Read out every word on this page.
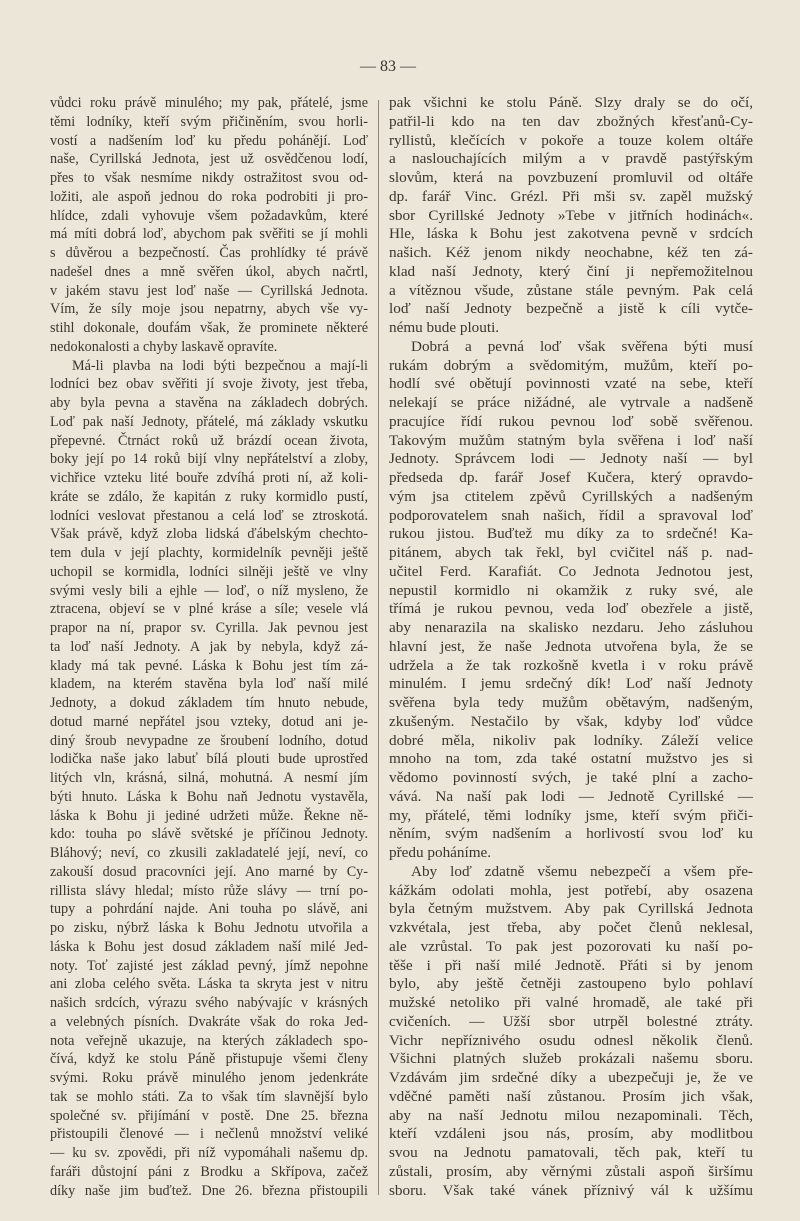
— 83 —
vůdci roku právě minulého; my pak, přátelé, jsme
těmi lodníky, kteří svým přičiněním, svou horli-
vostí a nadšením loď ku předu pohánějí. Loď
naše, Cyrillská Jednota, jest už osvědčenou lodí,
přes to však nesmíme nikdy ostražitost svou od-
ložiti, ale aspoň jednou do roka podrobiti ji pro-
hlídce, zdali vyhovuje všem požadavkům, které
má míti dobrá loď, abychom pak svěřiti se jí mohli
s důvěrou a bezpečností. Čas prohlídky té právě
nadešel dnes a mně svěřen úkol, abych načrtl,
v jakém stavu jest loď naše — Cyrillská Jednota.
Vím, že síly moje jsou nepatrny, abych vše vy-
stihl dokonale, doufám však, že prominete některé
nedokonalosti a chyby laskavě opravíte.
Má-li plavba na lodi býti bezpečnou a mají-li
lodníci bez obav svěřiti jí svoje životy, jest třeba,
aby byla pevna a stavěna na základech dobrých.
Loď pak naší Jednoty, přátelé, má základy vskutku
přepevné. Čtrnáct roků už brázdí ocean života,
boky její po 14 roků bijí vlny nepřátelství a zloby,
vichřice vzteku lité bouře zdvíhá proti ní, až koli-
kráte se zdálo, že kapitán z ruky kormidlo pustí,
lodníci veslovat přestanou a celá loď se ztroskotá.
Však právě, když zloba lidská ďábelským chechto-
tem dula v její plachty, kormidelník pevněji ještě
uchopil se kormidla, lodníci silněji ještě ve vlny
svými vesly bili a ejhle — loď, o níž mysleno, že
ztracena, objeví se v plné kráse a síle; vesele vlá
prapor na ní, prapor sv. Cyrilla. Jak pevnou jest
ta loď naší Jednoty. A jak by nebyla, když zá-
klady má tak pevné. Láska k Bohu jest tím zá-
kladem, na kterém stavěna byla loď naší milé
Jednoty, a dokud základem tím hnuto nebude,
dotud marné nepřátel jsou vzteky, dotud ani je-
diný šroub nevypadne ze šroubení lodního, dotud
lodička naše jako labuť bílá plouti bude uprostřed
litých vln, krásná, silná, mohutná. A nesmí jím
býti hnuto. Láska k Bohu naň Jednotu vystavěla,
láska k Bohu ji jediné udržeti může. Řekne ně-
kdo: touha po slávě světské je příčinou Jednoty.
Bláhový; neví, co zkusili zakladatelé její, neví, co
zakouší dosud pracovníci její. Ano marné by Cy-
rillista slávy hledal; místo růže slávy — trní po-
tupy a pohrdání najde. Ani touha po slávě, ani
po zisku, nýbrž láska k Bohu Jednotu utvořila a
láska k Bohu jest dosud základem naší milé Jed-
noty. Toť zajisté jest základ pevný, jímž nepohne
ani zloba celého světa. Láska ta skryta jest v nitru
našich srdcích, výrazu svého nabývajíc v krásných
a velebných písních. Dvakráte však do roka Jed-
nota veřejně ukazuje, na kterých základech spo-
čívá, když ke stolu Páně přistupuje všemi členy
svými. Roku právě minulého jenom jedenkráte
tak se mohlo státi. Za to však tím slavnější bylo
společné sv. přijímání v postě. Dne 25. března
přistoupili členové — i nečlenů množství veliké
— ku sv. zpovědi, při níž vypomáhali našemu dp.
faráři důstojní páni z Brodku a Skřípova, začež
díky naše jim buďtež. Dne 26. března přistoupili
pak všichni ke stolu Páně. Slzy draly se do očí,
patřil-li kdo na ten dav zbožných křesťanů-Cy-
ryllistů, klečících v pokoře a touze kolem oltáře
a naslouchajících milým a v pravdě pastýřským
slovům, která na povzbuzení promluvil od oltáře
dp. farář Vinc. Grézl. Při mši sv. zapěl mužský
sbor Cyrillské Jednoty »Tebe v jitřních hodinách«.
Hle, láska k Bohu jest zakotvena pevně v srdcích
našich. Kéž jenom nikdy neochabne, kéž ten zá-
klad naší Jednoty, který činí ji nepřemožitelnou
a vítěznou všude, zůstane stále pevným. Pak celá
loď naší Jednoty bezpečně a jistě k cíli vytče-
nému bude plouti.
Dobrá a pevná loď však svěřena býti musí
rukám dobrým a svědomitým, mužům, kteří po-
hodlí své obětují povinnosti vzaté na sebe, kteří
nelekají se práce nižádné, ale vytrvale a nadšeně
pracujíce řídí rukou pevnou loď sobě svěřenou.
Takovým mužům statným byla svěřena i loď naší
Jednoty. Správcem lodi — Jednoty naší — byl
předseda dp. farář Josef Kučera, který opravdo-
vým jsa ctitelem zpěvů Cyrillských a nadšeným
podporovatelem snah našich, řídil a spravoval loď
rukou jistou. Buďtež mu díky za to srdečné! Ka-
pitánem, abych tak řekl, byl cvičitel náš p. nad-
učitel Ferd. Karafiát. Co Jednota Jednotou jest,
nepustil kormidlo ni okamžik z ruky své, ale
třímá je rukou pevnou, veda loď obezřele a jistě,
aby nenarazila na skalisko nezdaru. Jeho zásluhou
hlavní jest, že naše Jednota utvořena byla, že se
udržela a že tak rozkošně kvetla i v roku právě
minulém. I jemu srdečný dík! Loď naší Jednoty
svěřena byla tedy mužům obětavým, nadšeným,
zkušeným. Nestačilo by však, kdyby loď vůdce
dobré měla, nikoliv pak lodníky. Záleží velice
mnoho na tom, zda také ostatní mužstvo jes si
vědomo povinností svých, je také plní a zacho-
vává. Na naší pak lodi — Jednotě Cyrillské —
my, přátelé, těmi lodníky jsme, kteří svým přiči-
něním, svým nadšením a horlivostí svou loď ku
předu poháníme.
Aby loď zdatně všemu nebezpečí a všem pře-
kážkám odolati mohla, jest potřebí, aby osazena
byla četným mužstvem. Aby pak Cyrillská Jednota
vzkvétala, jest třeba, aby počet členů neklesal,
ale vzrůstal. To pak jest pozorovati ku naší po-
těše i při naší milé Jednotě. Přáti si by jenom
bylo, aby ještě četněji zastoupeno bylo pohlaví
mužské netoliko při valné hromadě, ale také při
cvičeních. — Užší sbor utrpěl bolestné ztráty.
Vichr nepříznivého osudu odnesl několik členů.
Všichni platných služeb prokázali našemu sboru.
Vzdávám jim srdečné díky a ubezpečuji je, že ve
vděčné paměti naší zůstanou. Prosím jich však,
aby na naší Jednotu milou nezapominali. Těch,
kteří vzdáleni jsou nás, prosím, aby modlitbou
svou na Jednotu pamatovali, těch pak, kteří tu
zůstali, prosím, aby věrnými zůstali aspoň širšímu
sboru. Však také vánek příznivý vál k užšímu
